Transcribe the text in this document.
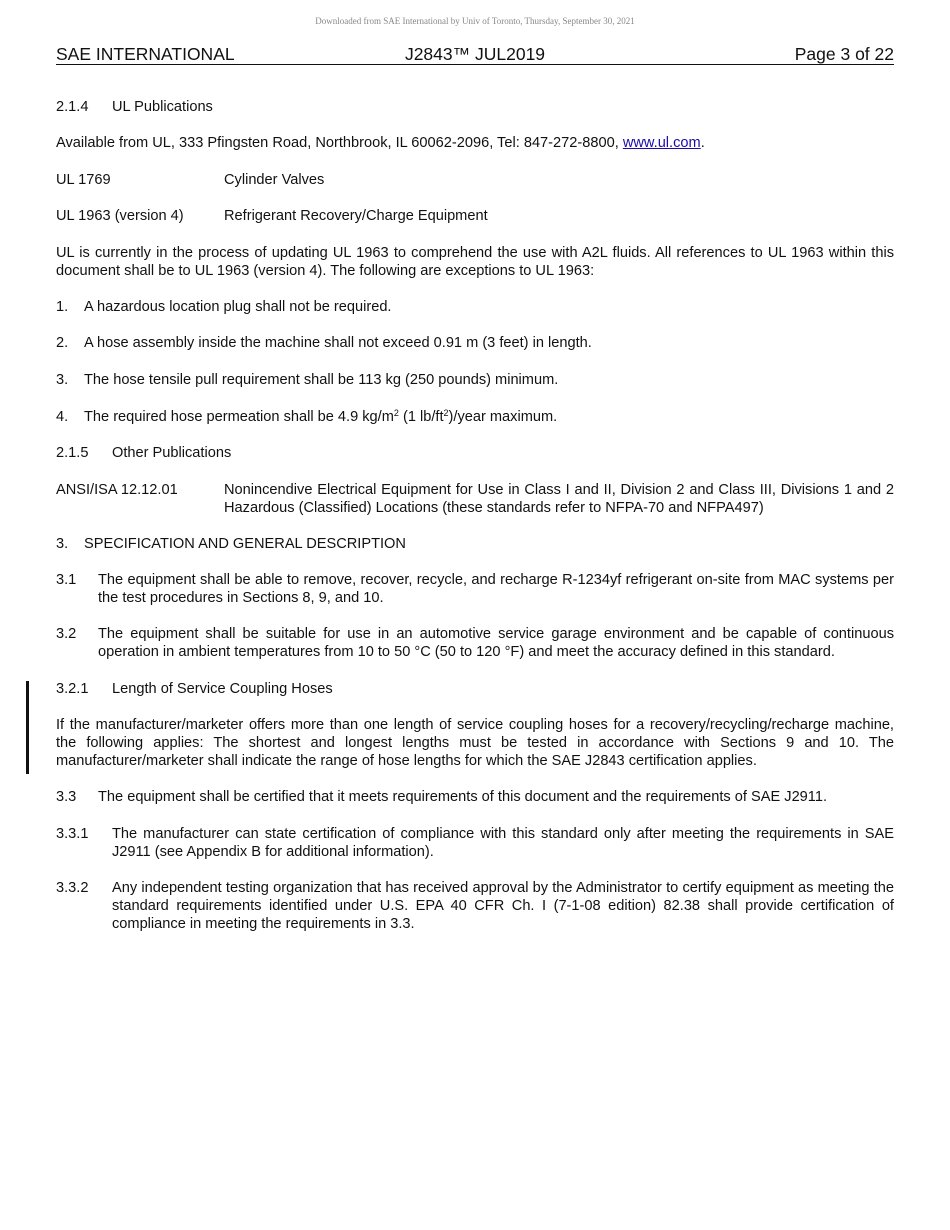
Downloaded from SAE International by Univ of Toronto, Thursday, September 30, 2021
SAE INTERNATIONAL	J2843™ JUL2019	Page 3 of 22
2.1.4 UL Publications
Available from UL, 333 Pfingsten Road, Northbrook, IL 60062-2096, Tel: 847-272-8800, www.ul.com.
UL 1769	Cylinder Valves
UL 1963 (version 4)	Refrigerant Recovery/Charge Equipment
UL is currently in the process of updating UL 1963 to comprehend the use with A2L fluids. All references to UL 1963 within this document shall be to UL 1963 (version 4). The following are exceptions to UL 1963:
1. A hazardous location plug shall not be required.
2. A hose assembly inside the machine shall not exceed 0.91 m (3 feet) in length.
3. The hose tensile pull requirement shall be 113 kg (250 pounds) minimum.
4. The required hose permeation shall be 4.9 $kg/m^2$ (1 $lb/ft^2$)/year maximum.
2.1.5 Other Publications
ANSI/ISA 12.12.01	Nonincendive Electrical Equipment for Use in Class I and II, Division 2 and Class III, Divisions 1 and 2 Hazardous (Classified) Locations (these standards refer to NFPA-70 and NFPA497)
3. SPECIFICATION AND GENERAL DESCRIPTION
3.1 The equipment shall be able to remove, recover, recycle, and recharge R-1234yf refrigerant on-site from MAC systems per the test procedures in Sections 8, 9, and 10.
3.2 The equipment shall be suitable for use in an automotive service garage environment and be capable of continuous operation in ambient temperatures from 10 to 50 °C (50 to 120 °F) and meet the accuracy defined in this standard.
3.2.1 Length of Service Coupling Hoses
If the manufacturer/marketer offers more than one length of service coupling hoses for a recovery/recycling/recharge machine, the following applies: The shortest and longest lengths must be tested in accordance with Sections 9 and 10. The manufacturer/marketer shall indicate the range of hose lengths for which the SAE J2843 certification applies.
3.3 The equipment shall be certified that it meets requirements of this document and the requirements of SAE J2911.
3.3.1 The manufacturer can state certification of compliance with this standard only after meeting the requirements in SAE J2911 (see Appendix B for additional information).
3.3.2 Any independent testing organization that has received approval by the Administrator to certify equipment as meeting the standard requirements identified under U.S. EPA 40 CFR Ch. I (7-1-08 edition) 82.38 shall provide certification of compliance in meeting the requirements in 3.3.
